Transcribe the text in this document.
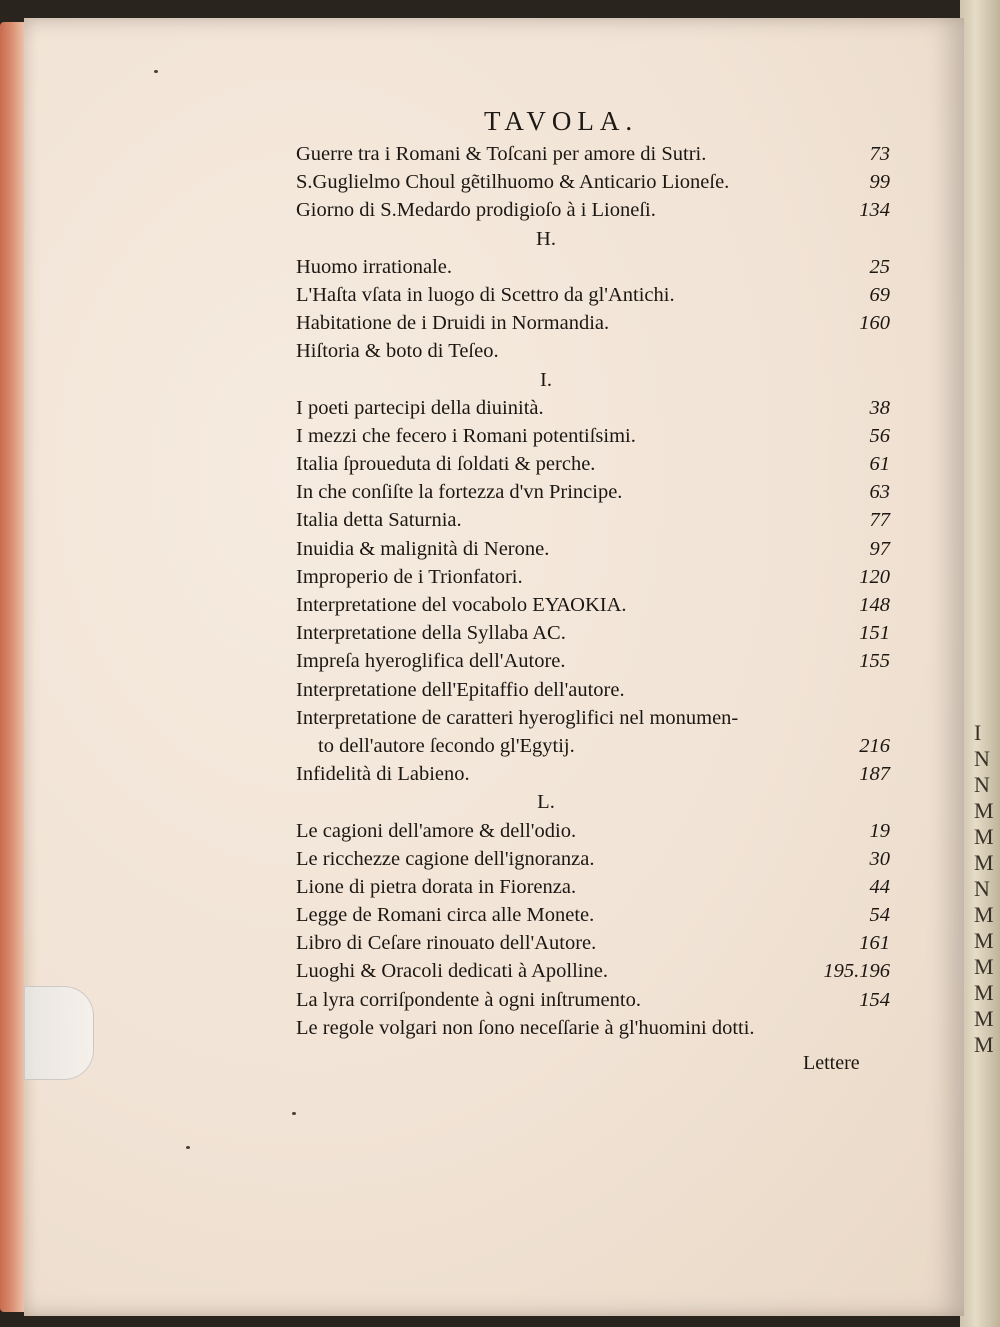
I
N
N
M
M
M
N
M
M
M
M
M
M
TAVOLA.
Guerre tra i Romani & Toſcani per amore di Sutri.	73
S.Guglielmo Choul gẽtilhuomo & Anticario Lioneſe.	99
Giorno di S.Medardo prodigioſo à i Lioneſi.	134
H.
Huomo irrationale.	25
L'Haſta vſata in luogo di Scettro da gl'Antichi.	69
Habitatione de i Druidi in Normandia.	160
Hiſtoria & boto di Teſeo.
I.
I poeti partecipi della diuinità.	38
I mezzi che fecero i Romani potentiſsimi.	56
Italia ſproueduta di ſoldati & perche.	61
In che conſiſte la fortezza d'vn Principe.	63
Italia detta Saturnia.	77
Inuidia & malignità di Nerone.	97
Improperio de i Trionfatori.	120
Interpretatione del vocabolo ΕΥΑΟΚΙΑ.	148
Interpretatione della Syllaba AC.	151
Impreſa hyeroglifica dell'Autore.	155
Interpretatione dell'Epitaffio dell'autore.
Interpretatione de caratteri hyeroglifici nel monumen-
to dell'autore ſecondo gl'Egytij.	216
Infidelità di Labieno.	187
L.
Le cagioni dell'amore & dell'odio.	19
Le ricchezze cagione dell'ignoranza.	30
Lione di pietra dorata in Fiorenza.	44
Legge de Romani circa alle Monete.	54
Libro di Ceſare rinouato dell'Autore.	161
Luoghi & Oracoli dedicati à Apolline.	195.196
La lyra corriſpondente à ogni inſtrumento.	154
Le regole volgari non ſono neceſſarie à gl'huomini dotti.
Lettere
